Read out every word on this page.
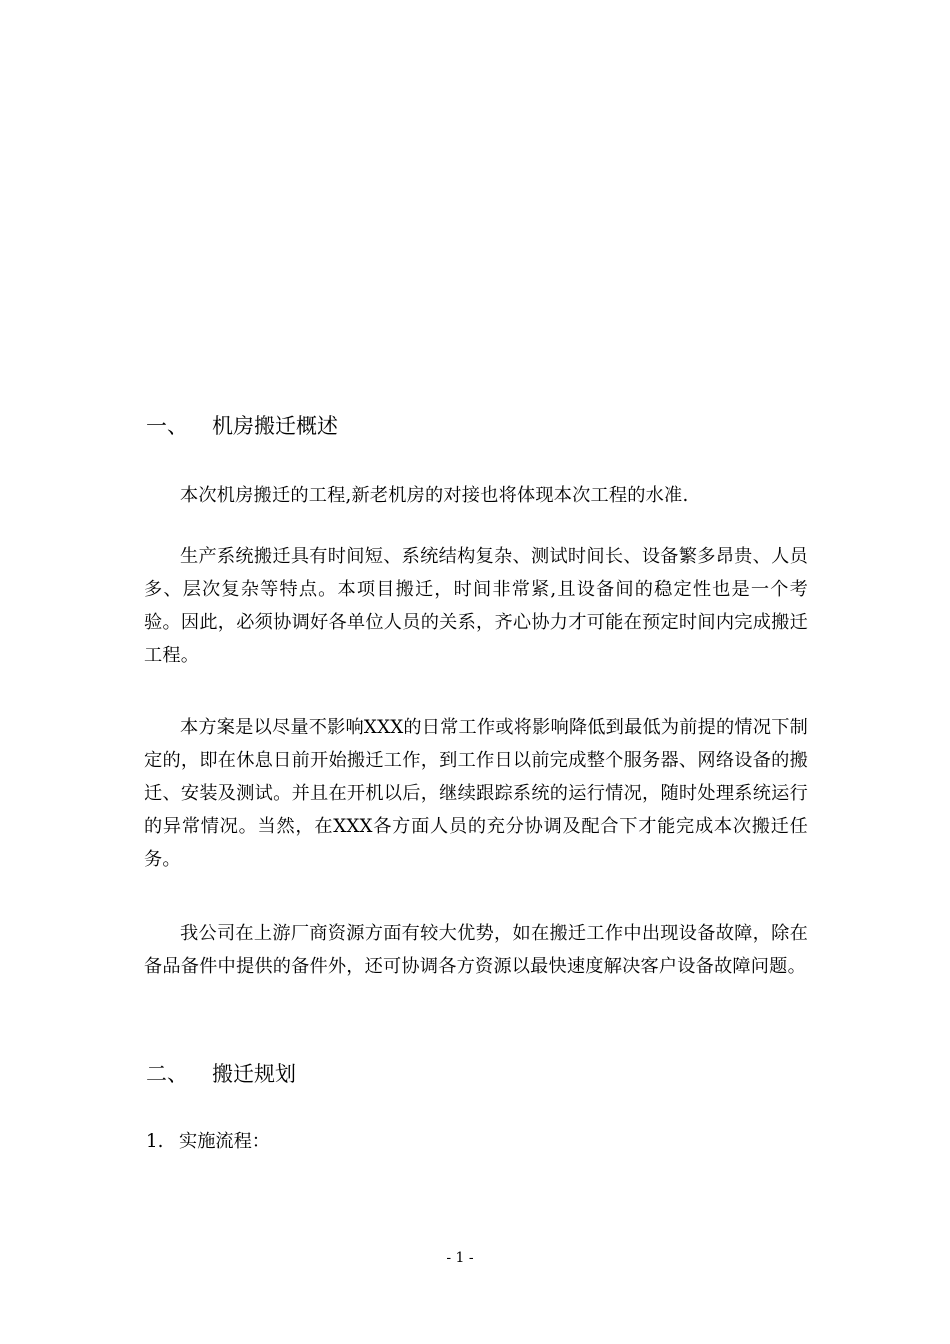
一、 机房搬迁概述
本次机房搬迁的工程,新老机房的对接也将体现本次工程的水准.
生产系统搬迁具有时间短、系统结构复杂、测试时间长、设备繁多昂贵、人员多、层次复杂等特点。本项目搬迁，时间非常紧,且设备间的稳定性也是一个考验。因此，必须协调好各单位人员的关系，齐心协力才可能在预定时间内完成搬迁工程。
本方案是以尽量不影响XXX的日常工作或将影响降低到最低为前提的情况下制定的，即在休息日前开始搬迁工作，到工作日以前完成整个服务器、网络设备的搬迁、安装及测试。并且在开机以后，继续跟踪系统的运行情况，随时处理系统运行的异常情况。当然，在XXX各方面人员的充分协调及配合下才能完成本次搬迁任务。
我公司在上游厂商资源方面有较大优势，如在搬迁工作中出现设备故障，除在备品备件中提供的备件外，还可协调各方资源以最快速度解决客户设备故障问题。
二、 搬迁规划
1. 实施流程：
- 1 -
